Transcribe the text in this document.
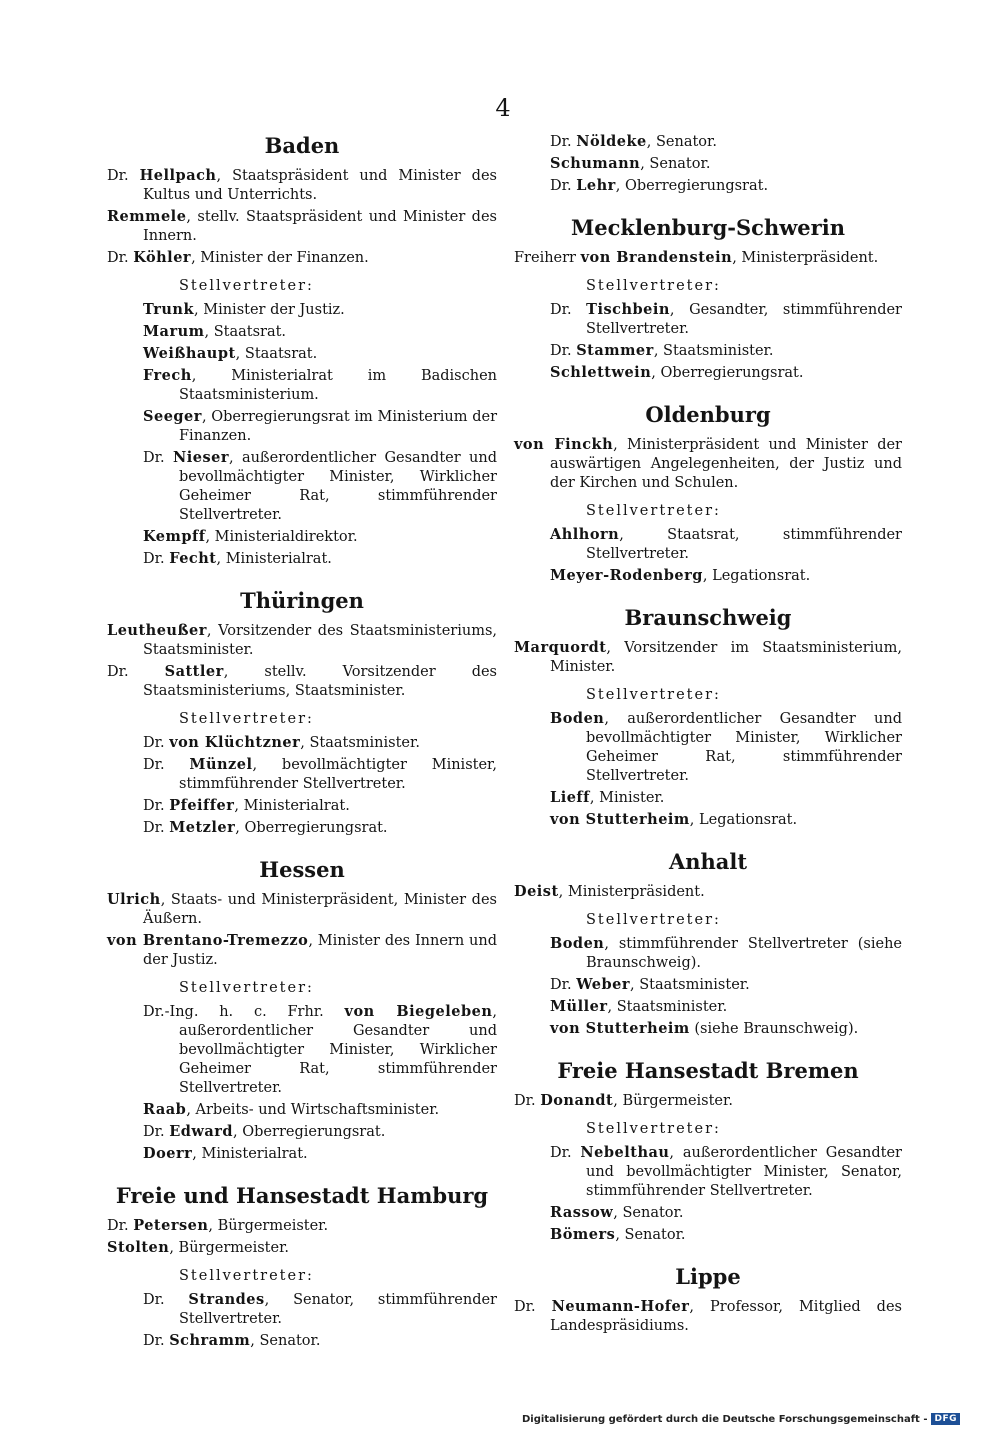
4
Baden
Dr. Hellpach, Staatspräsident und Minister des Kultus und Unterrichts.
Remmele, stellv. Staatspräsident und Minister des Innern.
Dr. Köhler, Minister der Finanzen.
Stellvertreter:
Trunk, Minister der Justiz.
Marum, Staatsrat.
Weißhaupt, Staatsrat.
Frech, Ministerialrat im Badischen Staatsministerium.
Seeger, Oberregierungsrat im Ministerium der Finanzen.
Dr. Nieser, außerordentlicher Gesandter und bevollmächtigter Minister, Wirklicher Geheimer Rat, stimmführender Stellvertreter.
Kempff, Ministerialdirektor.
Dr. Fecht, Ministerialrat.
Thüringen
Leutheußer, Vorsitzender des Staatsministeriums, Staatsminister.
Dr. Sattler, stellv. Vorsitzender des Staatsministeriums, Staatsminister.
Stellvertreter:
Dr. von Klüchtzner, Staatsminister.
Dr. Münzel, bevollmächtigter Minister, stimmführender Stellvertreter.
Dr. Pfeiffer, Ministerialrat.
Dr. Metzler, Oberregierungsrat.
Hessen
Ulrich, Staats- und Ministerpräsident, Minister des Äußern.
von Brentano-Tremezzo, Minister des Innern und der Justiz.
Stellvertreter:
Dr.-Ing. h. c. Frhr. von Biegeleben, außerordentlicher Gesandter und bevollmächtigter Minister, Wirklicher Geheimer Rat, stimmführender Stellvertreter.
Raab, Arbeits- und Wirtschaftsminister.
Dr. Edward, Oberregierungsrat.
Doerr, Ministerialrat.
Freie und Hansestadt Hamburg
Dr. Petersen, Bürgermeister.
Stolten, Bürgermeister.
Stellvertreter:
Dr. Strandes, Senator, stimmführender Stellvertreter.
Dr. Schramm, Senator.
Dr. Nöldeke, Senator.
Schumann, Senator.
Dr. Lehr, Oberregierungsrat.
Mecklenburg-Schwerin
Freiherr von Brandenstein, Ministerpräsident.
Stellvertreter:
Dr. Tischbein, Gesandter, stimmführender Stellvertreter.
Dr. Stammer, Staatsminister.
Schlettwein, Oberregierungsrat.
Oldenburg
von Finckh, Ministerpräsident und Minister der auswärtigen Angelegenheiten, der Justiz und der Kirchen und Schulen.
Stellvertreter:
Ahlhorn, Staatsrat, stimmführender Stellvertreter.
Meyer-Rodenberg, Legationsrat.
Braunschweig
Marquordt, Vorsitzender im Staatsministerium, Minister.
Stellvertreter:
Boden, außerordentlicher Gesandter und bevollmächtigter Minister, Wirklicher Geheimer Rat, stimmführender Stellvertreter.
Lieff, Minister.
von Stutterheim, Legationsrat.
Anhalt
Deist, Ministerpräsident.
Stellvertreter:
Boden, stimmführender Stellvertreter (siehe Braunschweig).
Dr. Weber, Staatsminister.
Müller, Staatsminister.
von Stutterheim (siehe Braunschweig).
Freie Hansestadt Bremen
Dr. Donandt, Bürgermeister.
Stellvertreter:
Dr. Nebelthau, außerordentlicher Gesandter und bevollmächtigter Minister, Senator, stimmführender Stellvertreter.
Rassow, Senator.
Bömers, Senator.
Lippe
Dr. Neumann-Hofer, Professor, Mitglied des Landespräsidiums.
Digitalisierung gefördert durch die Deutsche Forschungsgemeinschaft - DFG
